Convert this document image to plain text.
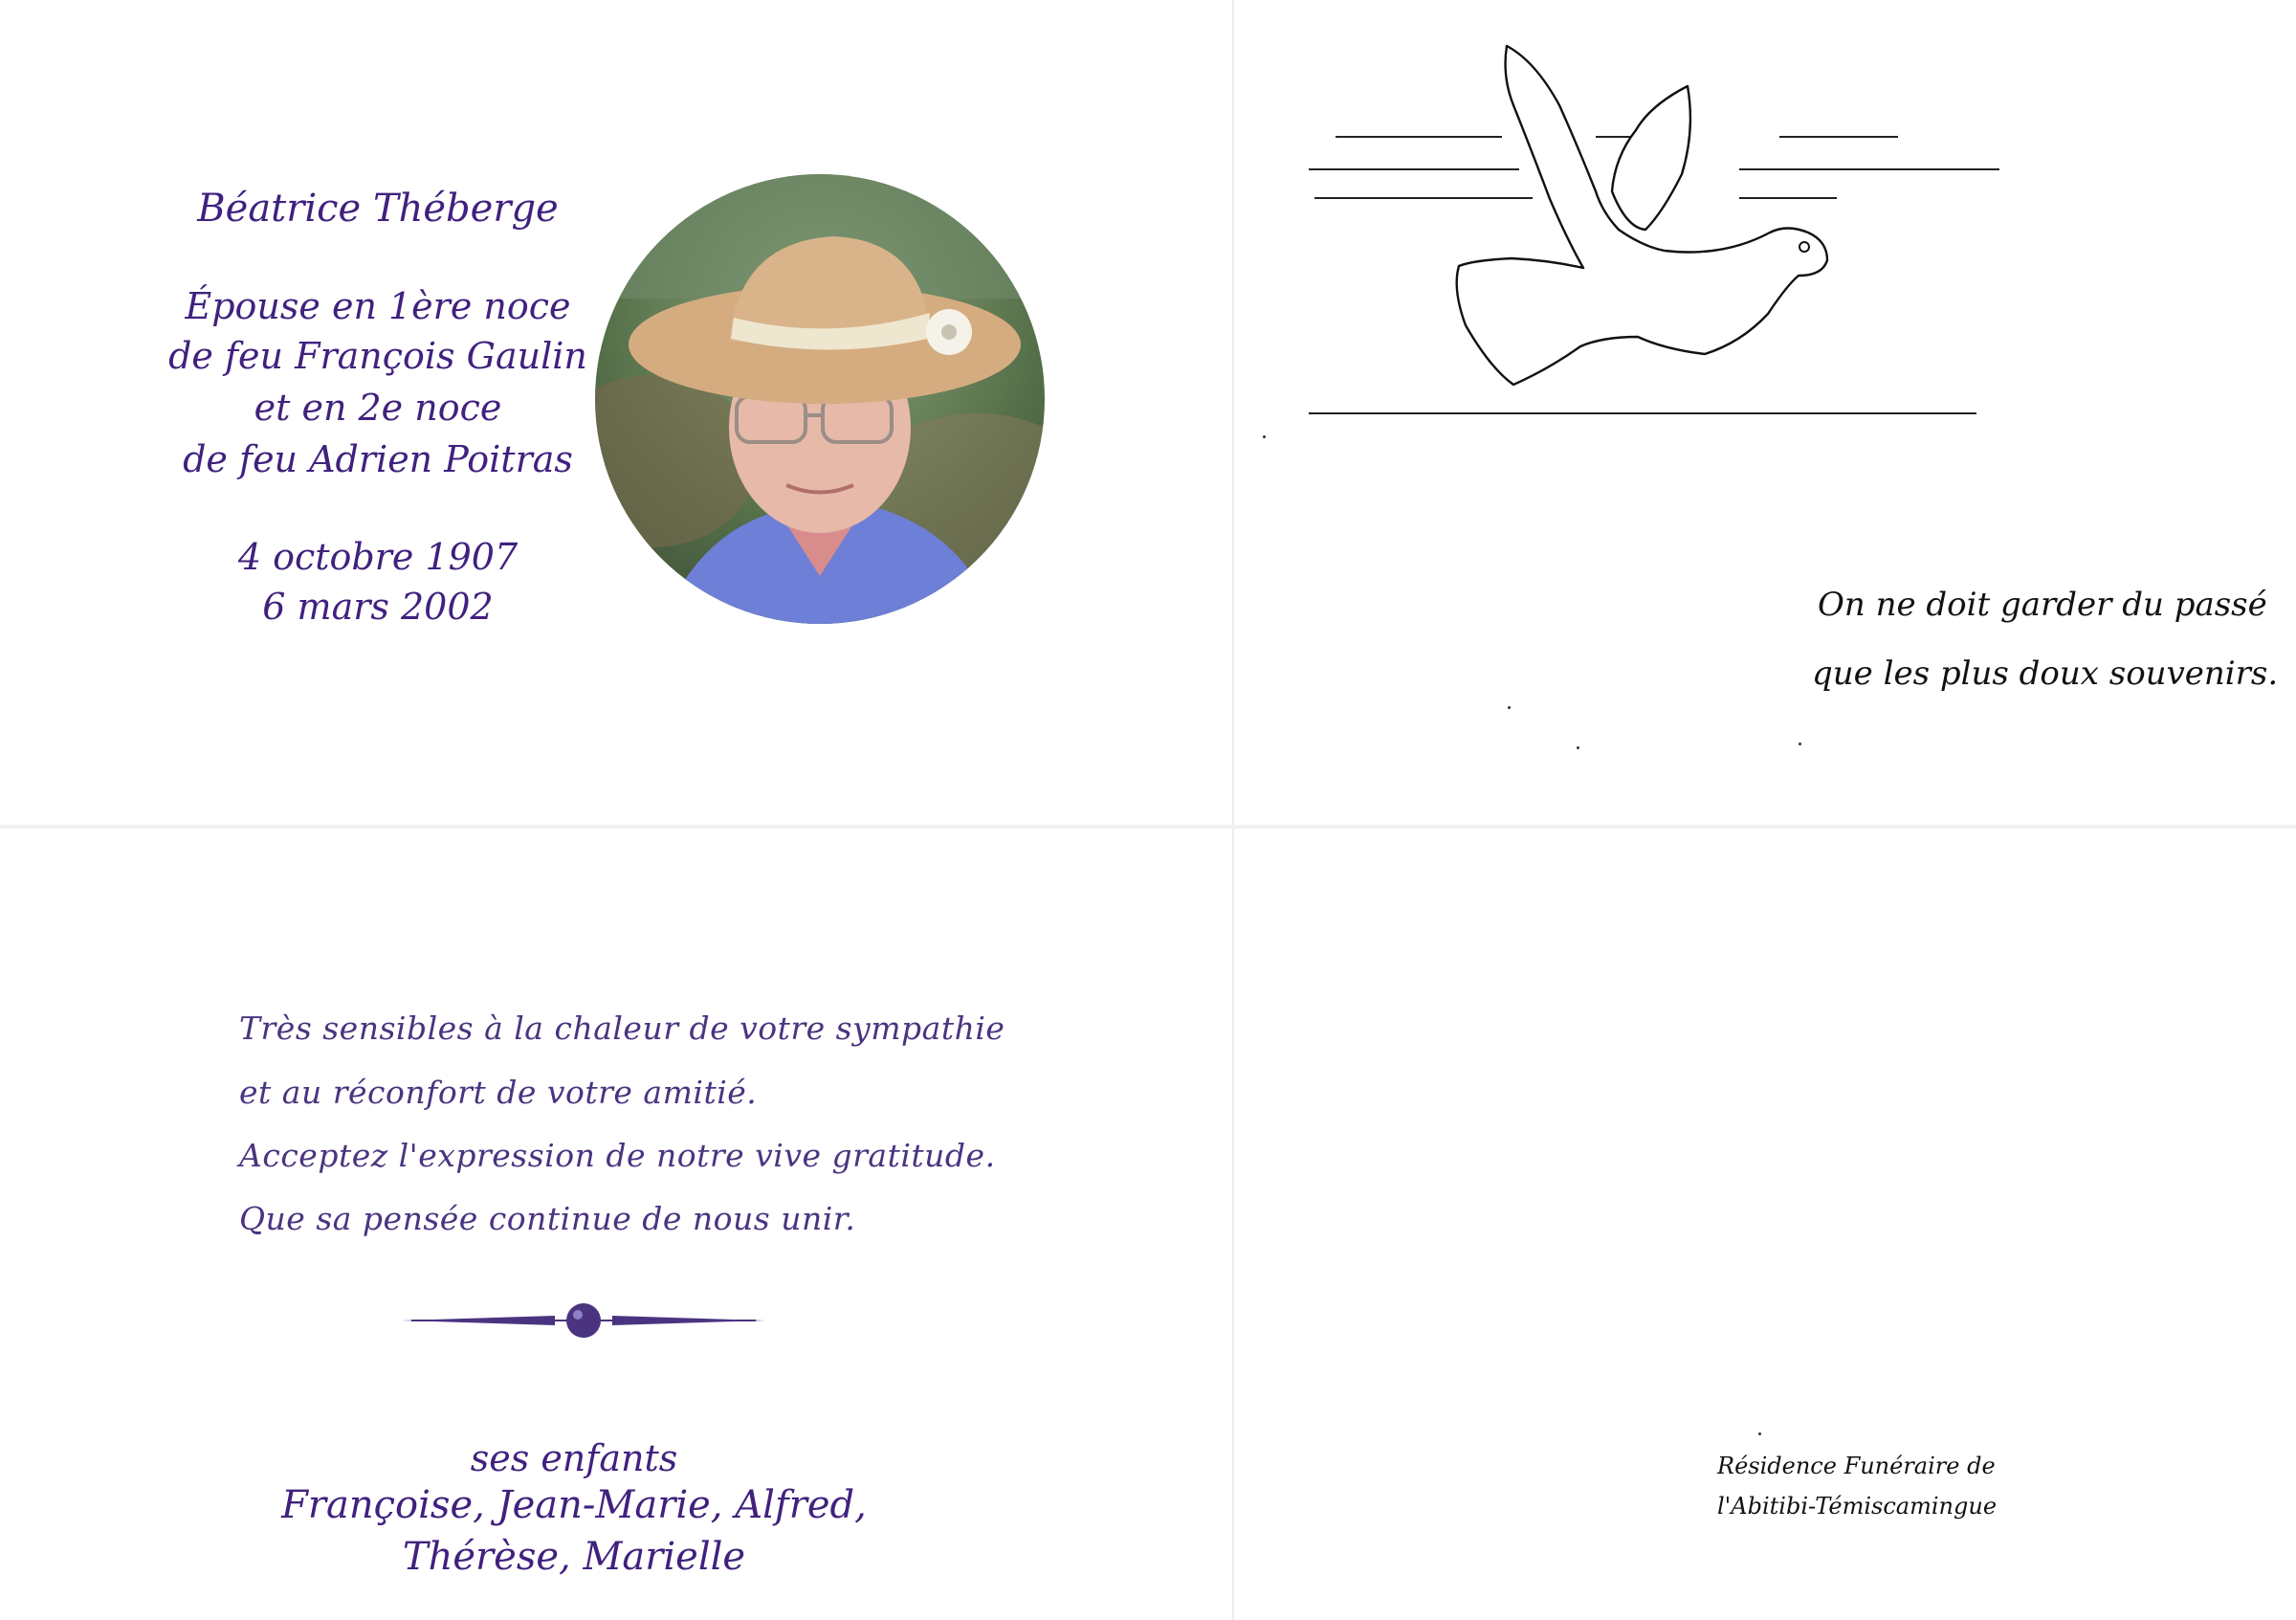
Béatrice Théberge

Épouse en 1ère noce

de feu François Gaulin

et en 2e noce

de feu Adrien Poitras

4 octobre 1907

6 mars 2002	On ne doit garder du passé

que les plus doux souvenirs.

Très sensibles à la chaleur de votre sympathie

et au réconfort de votre amitié.

Acceptez l'expression de notre vive gratitude.

Que sa pensée continue de nous unir.

ses enfants

Françoise, Jean-Marie, Alfred,

Thérèse, Marielle

Résidence Funéraire de

l'Abitibi-Témiscamingue
